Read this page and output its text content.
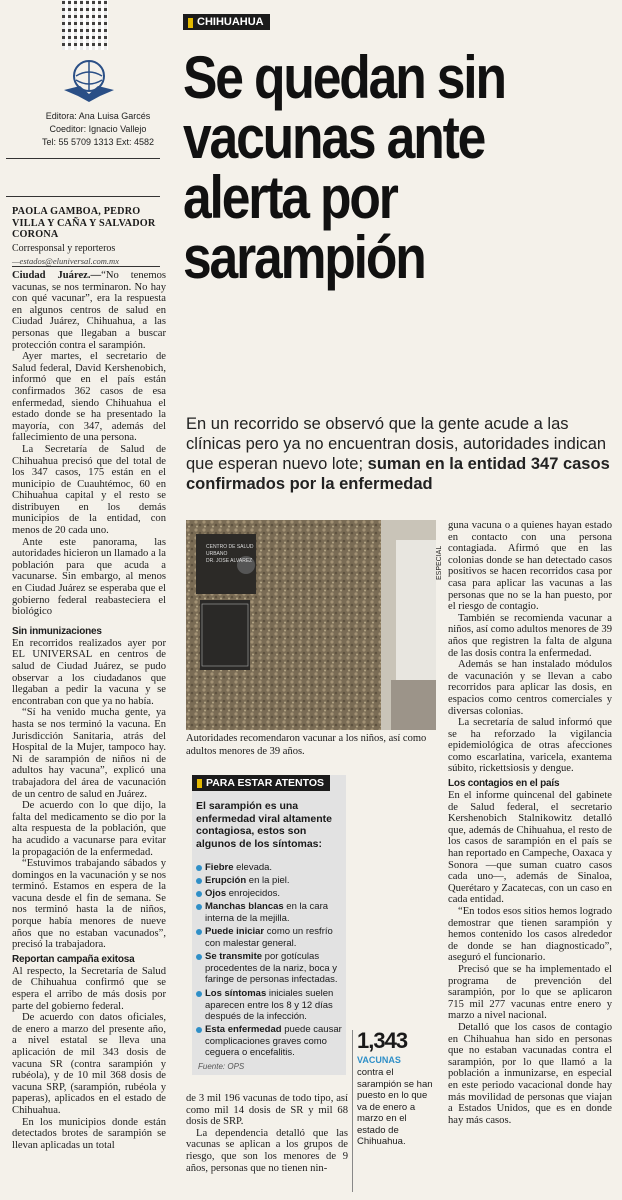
Editora: Ana Luisa Garcés
Coeditor: Ignacio Vallejo
Tel: 55 5709 1313 Ext: 4582
PAOLA GAMBOA, PEDRO VILLA Y CAÑA Y SALVADOR CORONA
Corresponsal y reporteros
—estados@eluniversal.com.mx

Ciudad Juárez.—“No tenemos vacunas, se nos terminaron. No hay con qué vacunar”, era la respuesta en algunos centros de salud en Ciudad Juárez, Chihuahua, a las personas que llegaban a buscar protección contra el sarampión.

Ayer martes, el secretario de Salud federal, David Kershenobich, informó que en el país están confirmados 362 casos de esa enfermedad, siendo Chihuahua el estado donde se ha presentado la mayoría, con 347, además del fallecimiento de una persona.

La Secretaría de Salud de Chihuahua precisó que del total de los 347 casos, 175 están en el municipio de Cuauhtémoc, 60 en Chihuahua capital y el resto se distribuyen en los demás municipios de la entidad, con menos de 20 cada uno.

Ante este panorama, las autoridades hicieron un llamado a la población para que acuda a vacunarse. Sin embargo, al menos en Ciudad Juárez se esperaba que el gobierno federal reabasteciera el biológico

Sin inmunizaciones

En recorridos realizados ayer por EL UNIVERSAL en centros de salud de Ciudad Juárez, se pudo observar a los ciudadanos que llegaban a pedir la vacuna y se encontraban con que ya no había.

“Sí ha venido mucha gente, ya hasta se nos terminó la vacuna. En Jurisdicción Sanitaria, atrás del Hospital de la Mujer, tampoco hay. Ni de sarampión de niños ni de adultos hay vacuna”, explicó una trabajadora del área de vacunación de un centro de salud en Juárez.

De acuerdo con lo que dijo, la falta del medicamento se dio por la alta respuesta de la población, que ha acudido a vacunarse para evitar la propagación de la enfermedad.

“Estuvimos trabajando sábados y domingos en la vacunación y se nos terminó. Estamos en espera de la vacuna desde el fin de semana. Se nos terminó hasta la de niños, porque había menores de nueve años que no estaban vacunados”, precisó la trabajadora.

Reportan campaña exitosa

Al respecto, la Secretaría de Salud de Chihuahua confirmó que se espera el arribo de más dosis por parte del gobierno federal.

De acuerdo con datos oficiales, de enero a marzo del presente año, a nivel estatal se lleva una aplicación de mil 343 dosis de vacuna SR (contra sarampión y rubéola), y de 10 mil 368 dosis de vacuna SRP, (sarampión, rubéola y paperas), aplicados en el estado de Chihuahua.

En los municipios donde están detectados brotes de sarampión se llevan aplicadas un total

CHIHUAHUA
Se quedan sin
vacunas ante
alerta por
sarampión
En un recorrido se observó que la gente acude a las clínicas pero ya no encuentran dosis, autoridades indican que esperan nuevo lote; suman en la entidad 347 casos confirmados por la enfermedad
CENTRO DE SALUD
URBANO
DR. JOSE ALVAREZ	ESPECIAL
Autoridades recomendaron vacunar a los niños, así como adultos menores de 39 años.
PARA ESTAR ATENTOS
El sarampión es una enfermedad viral altamente contagiosa, estos son algunos de los síntomas:
Fiebre elevada.
Erupción en la piel.
Ojos enrojecidos.
Manchas blancas en la cara interna de la mejilla.
Puede iniciar como un resfrío con malestar general.
Se transmite por gotículas procedentes de la nariz, boca y faringe de personas infectadas.
Los síntomas iniciales suelen aparecen entre los 8 y 12 días después de la infección.
Esta enfermedad puede causar complicaciones graves como ceguera o encefalitis.
Fuente: OPS

de 3 mil 196 vacunas de todo tipo, así como mil 14 dosis de SR y mil 68 dosis de SRP.

La dependencia detalló que las vacunas se aplican a los grupos de riesgo, que son los menores de 9 años, personas que no tienen nin-

1,343
VACUNAS
contra el sarampión se han puesto en lo que va de enero a marzo en el estado de Chihuahua.

guna vacuna o a quienes hayan estado en contacto con una persona contagiada. Afirmó que en las colonias donde se han detectado casos positivos se hacen recorridos casa por casa para aplicar las vacunas a las personas que no se la han puesto, por el riesgo de contagio.

También se recomienda vacunar a niños, así como adultos menores de 39 años que registren la falta de alguna de las dosis contra la enfermedad.

Además se han instalado módulos de vacunación y se llevan a cabo recorridos para aplicar las dosis, en espacios como centros comerciales y diversas colonias.

La secretaría de salud informó que se ha reforzado la vigilancia epidemiológica de otras afecciones como escarlatina, varicela, exantema súbito, rickettsiosis y dengue.

Los contagios en el país

En el informe quincenal del gabinete de Salud federal, el secretario Kershenobich Stalnikowitz detalló que, además de Chihuahua, el resto de los casos de sarampión en el país se han reportado en Campeche, Oaxaca y Sonora —que suman cuatro casos cada uno—, además de Sinaloa, Querétaro y Zacatecas, con un caso en cada entidad.

“En todos esos sitios hemos logrado demostrar que tienen sarampión y hemos contenido los casos alrededor de donde se han diagnosticado”, aseguró el funcionario.

Precisó que se ha implementado el programa de prevención del sarampión, por lo que se aplicaron 715 mil 277 vacunas entre enero y marzo a nivel nacional.

Detalló que los casos de contagio en Chihuahua han sido en personas que no estaban vacunadas contra el sarampión, por lo que llamó a la población a inmunizarse, en especial en este periodo vacacional donde hay más movilidad de personas que viajan a Estados Unidos, que es en donde hay más casos.
